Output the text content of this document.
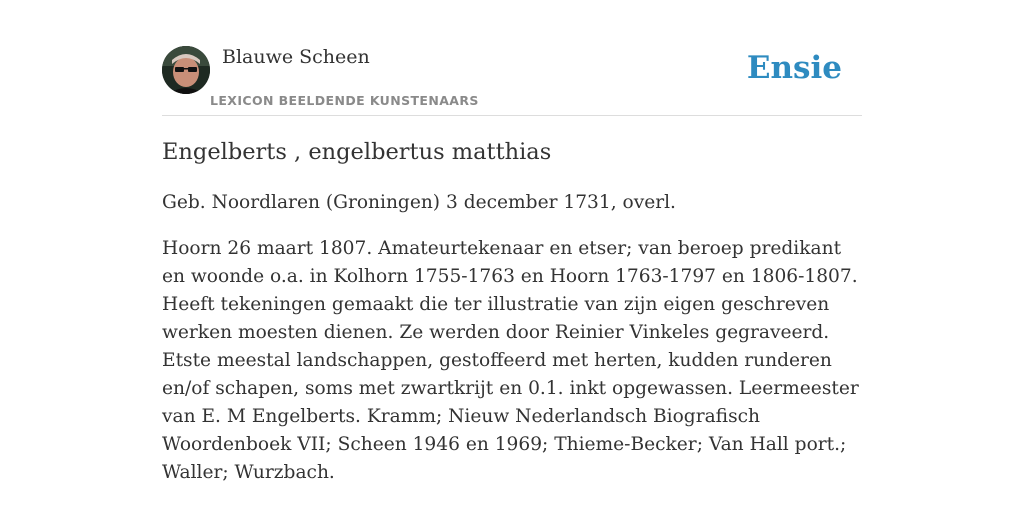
Blauwe Scheen
LEXICON BEELDENDE KUNSTENAARS
Ensie
Engelberts , engelbertus matthias

Geb. Noordlaren (Groningen) 3 december 1731, overl.

Hoorn 26 maart 1807. Amateurtekenaar en etser; van beroep predikant en woonde o.a. in Kolhorn 1755-1763 en Hoorn 1763-1797 en 1806-1807. Heeft tekeningen gemaakt die ter illustratie van zijn eigen geschreven werken moesten dienen. Ze werden door Reinier Vinkeles gegraveerd. Etste meestal landschappen, gestoffeerd met herten, kudden runderen en/of schapen, soms met zwartkrijt en 0.1. inkt opgewassen. Leermeester van E. M Engelberts. Kramm; Nieuw Nederlandsch Biografisch Woordenboek VII; Scheen 1946 en 1969; Thieme-Becker; Van Hall port.; Waller; Wurzbach.
